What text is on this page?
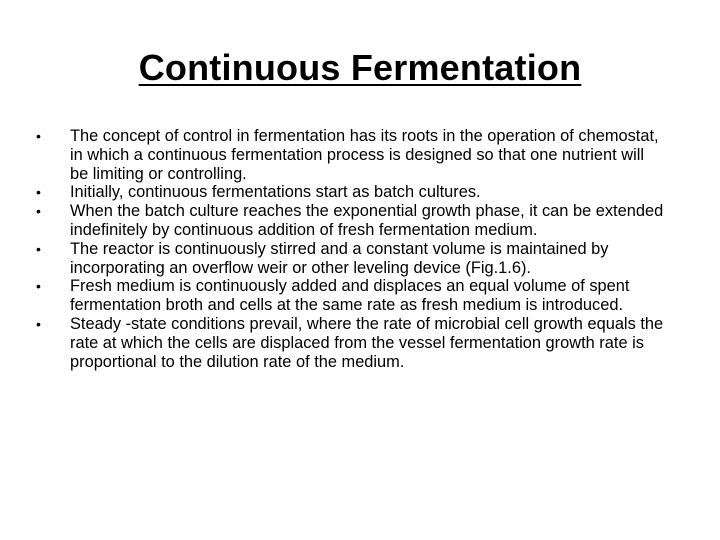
Continuous Fermentation
• The concept of control in fermentation has its roots in the operation of chemostat, in which a continuous fermentation process is designed so that one nutrient will be limiting or controlling.
• Initially, continuous fermentations start as batch cultures.
• When the batch culture reaches the exponential growth phase, it can be extended indefinitely by continuous addition of fresh fermentation medium.
• The reactor is continuously stirred and a constant volume is maintained by incorporating an overflow weir or other leveling device (Fig.1.6).
• Fresh medium is continuously added and displaces an equal volume of spent fermentation broth and cells at the same rate as fresh medium is introduced.
• Steady -state conditions prevail, where the rate of microbial cell growth equals the rate at which the cells are displaced from the vessel fermentation growth rate is proportional to the dilution rate of the medium.
